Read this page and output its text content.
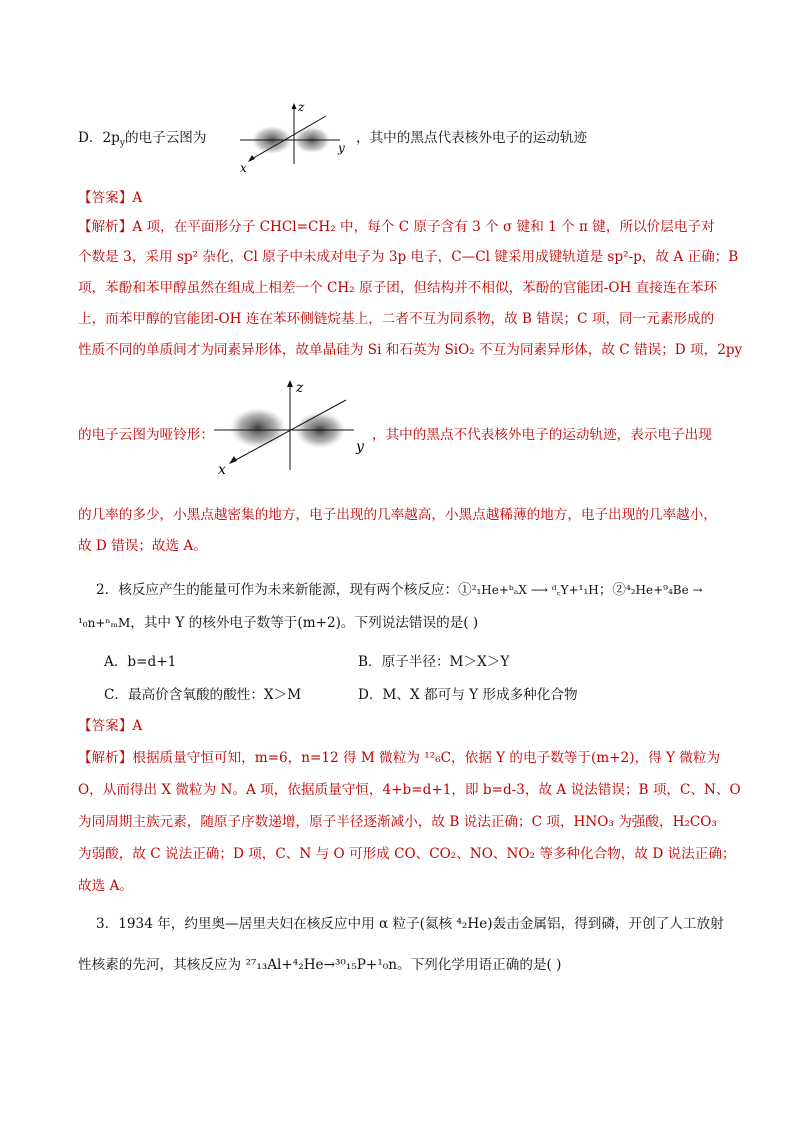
D．$2p_y$的电子云图为	，其中的黑点代表核外电子的运动轨迹
z
y
x
【答案】A
【解析】A 项，在平面形分子 CHCl=CH₂ 中，每个 C 原子含有 3 个 σ 键和 1 个 π 键，所以价层电子对
个数是 3，采用 sp² 杂化，Cl 原子中未成对电子为 3p 电子，C—Cl 键采用成键轨道是 sp²-p，故 A 正确；B
项，苯酚和苯甲醇虽然在组成上相差一个 CH₂ 原子团，但结构并不相似，苯酚的官能团-OH 直接连在苯环
上，而苯甲醇的官能团-OH 连在苯环侧链烷基上，二者不互为同系物，故 B 错误；C 项，同一元素形成的
性质不同的单质间才为同素异形体，故单晶硅为 Si 和石英为 SiO₂ 不互为同素异形体，故 C 错误；D 项，2py
的电子云图为哑铃形：	，其中的黑点不代表核外电子的运动轨迹，表示电子出现
z
y
x
的几率的多少，小黑点越密集的地方，电子出现的几率越高，小黑点越稀薄的地方，电子出现的几率越小，
故 D 错误；故选 A。
2．核反应产生的能量可作为未来新能源，现有两个核反应：①²₁He+ᵇₐX ⟶ ᵈ꜀Y+¹₁H；②⁴₂He+⁹₄Be →
¹₀n+ⁿₘM，其中 Y 的核外电子数等于(m+2)。下列说法错误的是( )
A．b=d+1	B．原子半径：M＞X＞Y
C．最高价含氧酸的酸性：X＞M	D．M、X 都可与 Y 形成多种化合物
【答案】A
【解析】根据质量守恒可知，m=6，n=12 得 M 微粒为 ¹²₆C，依据 Y 的电子数等于(m+2)，得 Y 微粒为
O，从而得出 X 微粒为 N。A 项，依据质量守恒，4+b=d+1，即 b=d-3，故 A 说法错误；B 项，C、N、O
为同周期主族元素，随原子序数递增，原子半径逐渐减小，故 B 说法正确；C 项，HNO₃ 为强酸，H₂CO₃
为弱酸，故 C 说法正确；D 项，C、N 与 O 可形成 CO、CO₂、NO、NO₂ 等多种化合物，故 D 说法正确；
故选 A。
3．1934 年，约里奥—居里夫妇在核反应中用 α 粒子(氦核 ⁴₂He)轰击金属铝，得到磷，开创了人工放射
性核素的先河，其核反应为 ²⁷₁₃Al+⁴₂He→³⁰₁₅P+¹₀n。下列化学用语正确的是( )
